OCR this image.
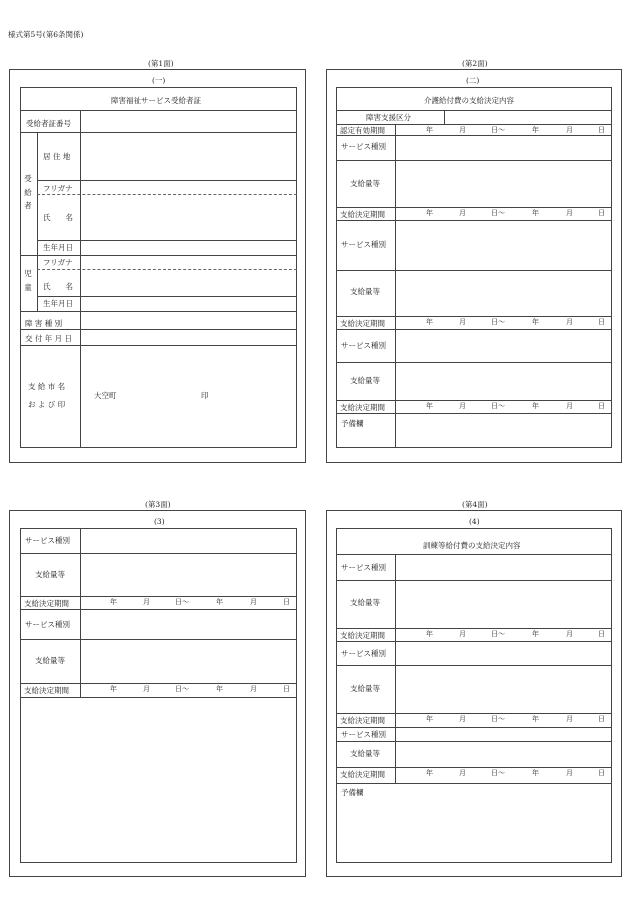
様式第5号(第6条関係)
(第1面)
(一)
障害福祉サービス受給者証
受給者証番号
受
給
者
居 住 地
フリガナ
氏　　名
生年月日
児
童
フリガナ
氏　　名
生年月日
障 害 種 別
交 付 年 月 日
支 給 市 名
お よ び 印
大空町	印
(第2面)
(二)
介護給付費の支給決定内容
障害支援区分
認定有効期間	年	月	日～	年	月	日
サービス種別
支給量等
支給決定期間	年	月	日～	年	月	日
サービス種別
支給量等
支給決定期間	年	月	日～	年	月	日
サービス種別
支給量等
支給決定期間	年	月	日～	年	月	日
予備欄
(第3面)
(3)
サービス種別
支給量等
支給決定期間	年	月	日～	年	月	日
サービス種別
支給量等
支給決定期間	年	月	日～	年	月	日
(第4面)
(4)
訓練等給付費の支給決定内容
サービス種別
支給量等
支給決定期間	年	月	日～	年	月	日
サービス種別
支給量等
支給決定期間	年	月	日～	年	月	日
サービス種別
支給量等
支給決定期間	年	月	日～	年	月	日
予備欄
